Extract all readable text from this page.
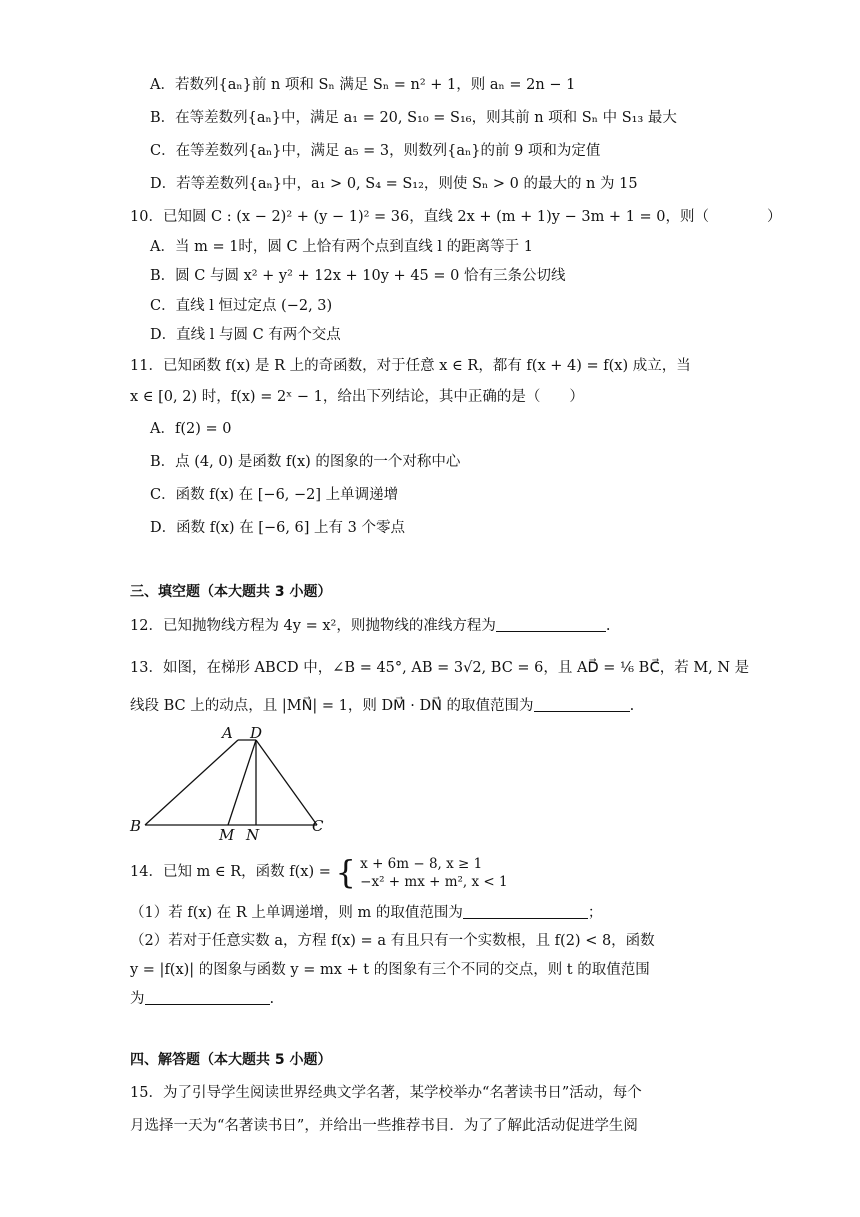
A．若数列{aₙ}前 n 项和 Sₙ 满足 Sₙ = n² + 1，则 aₙ = 2n − 1
B．在等差数列{aₙ}中，满足 a₁ = 20, S₁₀ = S₁₆，则其前 n 项和 Sₙ 中 S₁₃ 最大
C．在等差数列{aₙ}中，满足 a₅ = 3，则数列{aₙ}的前 9 项和为定值
D．若等差数列{aₙ}中，a₁ > 0, S₄ = S₁₂，则使 Sₙ > 0 的最大的 n 为 15
10．已知圆 C : (x − 2)² + (y − 1)² = 36，直线 2x + (m + 1)y − 3m + 1 = 0，则（　　　　）
A．当 m = 1时，圆 C 上恰有两个点到直线 l 的距离等于 1
B．圆 C 与圆 x² + y² + 12x + 10y + 45 = 0 恰有三条公切线
C．直线 l 恒过定点 (−2, 3)
D．直线 l 与圆 C 有两个交点
11．已知函数 f(x) 是 R 上的奇函数，对于任意 x ∈ R，都有 f(x + 4) = f(x) 成立，当
x ∈ [0, 2) 时，f(x) = 2ˣ − 1，给出下列结论，其中正确的是（　　）
A．f(2) = 0
B．点 (4, 0) 是函数 f(x) 的图象的一个对称中心
C．函数 f(x) 在 [−6, −2] 上单调递增
D．函数 f(x) 在 [−6, 6] 上有 3 个零点
三、填空题（本大题共 3 小题）
12．已知抛物线方程为 4y = x²，则抛物线的准线方程为	.
13．如图，在梯形 ABCD 中，∠B = 45°, AB = 3√2, BC = 6，且 AD⃗ = ¹⁄₆ BC⃗，若 M, N 是
线段 BC 上的动点，且 |MN⃗| = 1，则 DM⃗ · DN⃗ 的取值范围为	.
A D
B	M N	C
14．已知 m ∈ R，函数 f(x) = { x + 6m − 8, x ≥ 1
−x² + mx + m², x < 1
（1）若 f(x) 在 R 上单调递增，则 m 的取值范围为	；
（2）若对于任意实数 a，方程 f(x) = a 有且只有一个实数根，且 f(2) < 8，函数
y = |f(x)| 的图象与函数 y = mx + t 的图象有三个不同的交点，则 t 的取值范围
为	.
四、解答题（本大题共 5 小题）
15．为了引导学生阅读世界经典文学名著，某学校举办“名著读书日”活动，每个
月选择一天为“名著读书日”，并给出一些推荐书目．为了了解此活动促进学生阅
